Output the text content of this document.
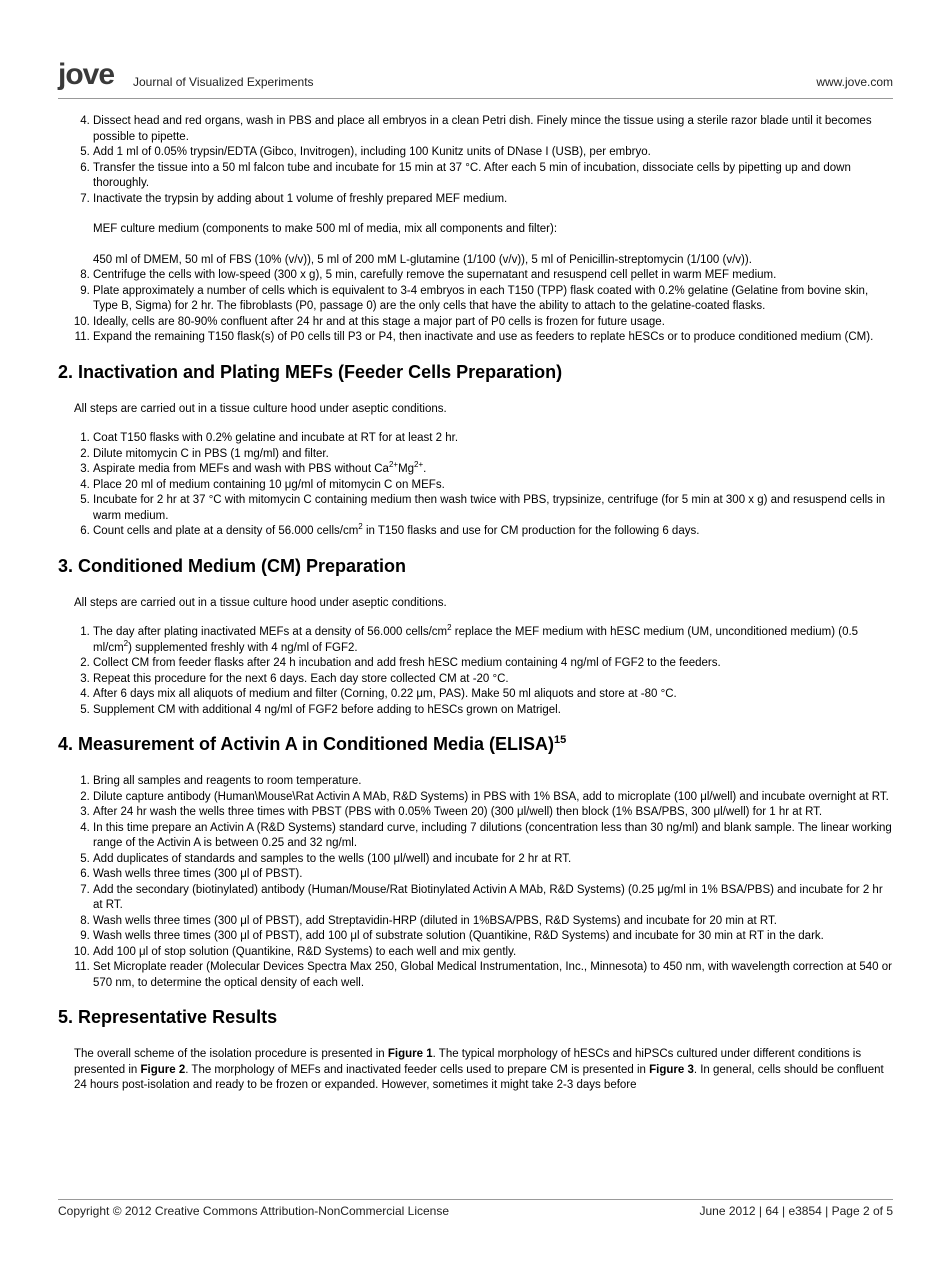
jove Journal of Visualized Experiments	www.jove.com
4. Dissect head and red organs, wash in PBS and place all embryos in a clean Petri dish. Finely mince the tissue using a sterile razor blade until it becomes possible to pipette.
5. Add 1 ml of 0.05% trypsin/EDTA (Gibco, Invitrogen), including 100 Kunitz units of DNase I (USB), per embryo.
6. Transfer the tissue into a 50 ml falcon tube and incubate for 15 min at 37 °C. After each 5 min of incubation, dissociate cells by pipetting up and down thoroughly.
7. Inactivate the trypsin by adding about 1 volume of freshly prepared MEF medium.
MEF culture medium (components to make 500 ml of media, mix all components and filter):
450 ml of DMEM, 50 ml of FBS (10% (v/v)), 5 ml of 200 mM L-glutamine (1/100 (v/v)), 5 ml of Penicillin-streptomycin (1/100 (v/v)).
8. Centrifuge the cells with low-speed (300 x g), 5 min, carefully remove the supernatant and resuspend cell pellet in warm MEF medium.
9. Plate approximately a number of cells which is equivalent to 3-4 embryos in each T150 (TPP) flask coated with 0.2% gelatine (Gelatine from bovine skin, Type B, Sigma) for 2 hr. The fibroblasts (P0, passage 0) are the only cells that have the ability to attach to the gelatine-coated flasks.
10. Ideally, cells are 80-90% confluent after 24 hr and at this stage a major part of P0 cells is frozen for future usage.
11. Expand the remaining T150 flask(s) of P0 cells till P3 or P4, then inactivate and use as feeders to replate hESCs or to produce conditioned medium (CM).
2. Inactivation and Plating MEFs (Feeder Cells Preparation)
All steps are carried out in a tissue culture hood under aseptic conditions.
1. Coat T150 flasks with 0.2% gelatine and incubate at RT for at least 2 hr.
2. Dilute mitomycin C in PBS (1 mg/ml) and filter.
3. Aspirate media from MEFs and wash with PBS without $Ca^{2+}Mg^{2+}$.
4. Place 20 ml of medium containing 10 μg/ml of mitomycin C on MEFs.
5. Incubate for 2 hr at 37 °C with mitomycin C containing medium then wash twice with PBS, trypsinize, centrifuge (for 5 min at 300 x g) and resuspend cells in warm medium.
6. Count cells and plate at a density of 56.000 cells/$cm^2$ in T150 flasks and use for CM production for the following 6 days.
3. Conditioned Medium (CM) Preparation
All steps are carried out in a tissue culture hood under aseptic conditions.
1. The day after plating inactivated MEFs at a density of 56.000 cells/$cm^2$ replace the MEF medium with hESC medium (UM, unconditioned medium) (0.5 $ml/cm^2$) supplemented freshly with 4 ng/ml of FGF2.
2. Collect CM from feeder flasks after 24 h incubation and add fresh hESC medium containing 4 ng/ml of FGF2 to the feeders.
3. Repeat this procedure for the next 6 days. Each day store collected CM at -20 °C.
4. After 6 days mix all aliquots of medium and filter (Corning, 0.22 μm, PAS). Make 50 ml aliquots and store at -80 °C.
5. Supplement CM with additional 4 ng/ml of FGF2 before adding to hESCs grown on Matrigel.
4. Measurement of Activin A in Conditioned Media (ELISA)$^{15}$
1. Bring all samples and reagents to room temperature.
2. Dilute capture antibody (Human\Mouse\Rat Activin A MAb, R&D Systems) in PBS with 1% BSA, add to microplate (100 μl/well) and incubate overnight at RT.
3. After 24 hr wash the wells three times with PBST (PBS with 0.05% Tween 20) (300 μl/well) then block (1% BSA/PBS, 300 μl/well) for 1 hr at RT.
4. In this time prepare an Activin A (R&D Systems) standard curve, including 7 dilutions (concentration less than 30 ng/ml) and blank sample. The linear working range of the Activin A is between 0.25 and 32 ng/ml.
5. Add duplicates of standards and samples to the wells (100 μl/well) and incubate for 2 hr at RT.
6. Wash wells three times (300 μl of PBST).
7. Add the secondary (biotinylated) antibody (Human/Mouse/Rat Biotinylated Activin A MAb, R&D Systems) (0.25 μg/ml in 1% BSA/PBS) and incubate for 2 hr at RT.
8. Wash wells three times (300 μl of PBST), add Streptavidin-HRP (diluted in 1%BSA/PBS, R&D Systems) and incubate for 20 min at RT.
9. Wash wells three times (300 μl of PBST), add 100 μl of substrate solution (Quantikine, R&D Systems) and incubate for 30 min at RT in the dark.
10. Add 100 μl of stop solution (Quantikine, R&D Systems) to each well and mix gently.
11. Set Microplate reader (Molecular Devices Spectra Max 250, Global Medical Instrumentation, Inc., Minnesota) to 450 nm, with wavelength correction at 540 or 570 nm, to determine the optical density of each well.
5. Representative Results
The overall scheme of the isolation procedure is presented in Figure 1. The typical morphology of hESCs and hiPSCs cultured under different conditions is presented in Figure 2. The morphology of MEFs and inactivated feeder cells used to prepare CM is presented in Figure 3. In general, cells should be confluent 24 hours post-isolation and ready to be frozen or expanded. However, sometimes it might take 2-3 days before
Copyright © 2012 Creative Commons Attribution-NonCommercial License	June 2012 | 64 | e3854 | Page 2 of 5
